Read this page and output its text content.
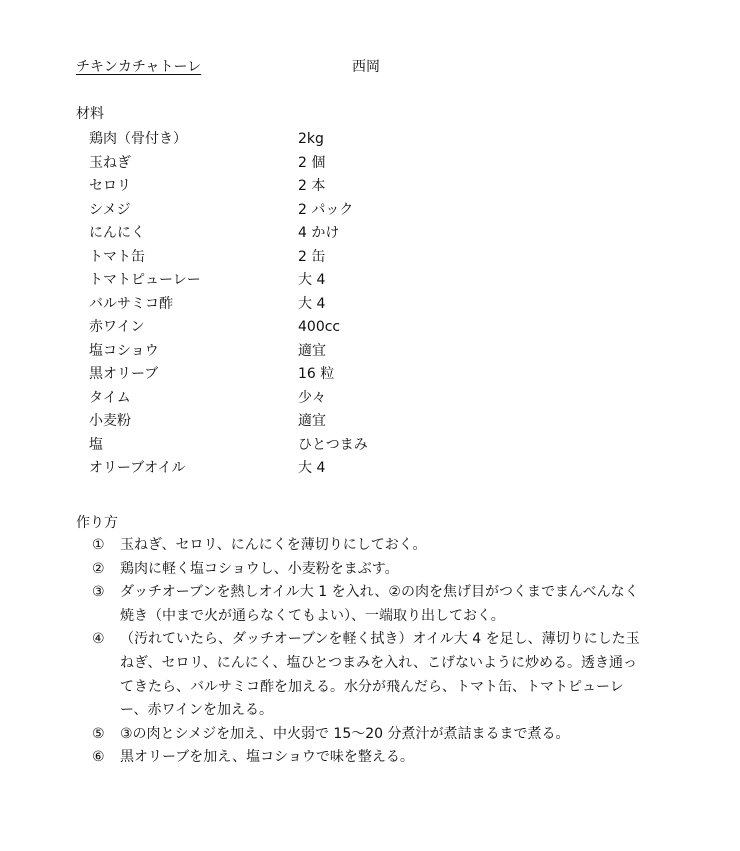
チキンカチャトーレ	西岡
材料
鶏肉（骨付き）	2kg
玉ねぎ	2 個
セロリ	2 本
シメジ	2 パック
にんにく	4 かけ
トマト缶	2 缶
トマトピューレー	大 4
バルサミコ酢	大 4
赤ワイン	400cc
塩コショウ	適宜
黒オリーブ	16 粒
タイム	少々
小麦粉	適宜
塩	ひとつまみ
オリーブオイル	大 4
作り方
① 玉ねぎ、セロリ、にんにくを薄切りにしておく。
② 鶏肉に軽く塩コショウし、小麦粉をまぶす。
③ ダッチオーブンを熱しオイル大 1 を入れ、②の肉を焦げ目がつくまでまんべんなく焼き（中まで火が通らなくてもよい）、一端取り出しておく。
④ （汚れていたら、ダッチオーブンを軽く拭き）オイル大 4 を足し、薄切りにした玉ねぎ、セロリ、にんにく、塩ひとつまみを入れ、こげないように炒める。透き通ってきたら、バルサミコ酢を加える。水分が飛んだら、トマト缶、トマトピューレー、赤ワインを加える。
⑤ ③の肉とシメジを加え、中火弱で 15～20 分煮汁が煮詰まるまで煮る。
⑥ 黒オリーブを加え、塩コショウで味を整える。
